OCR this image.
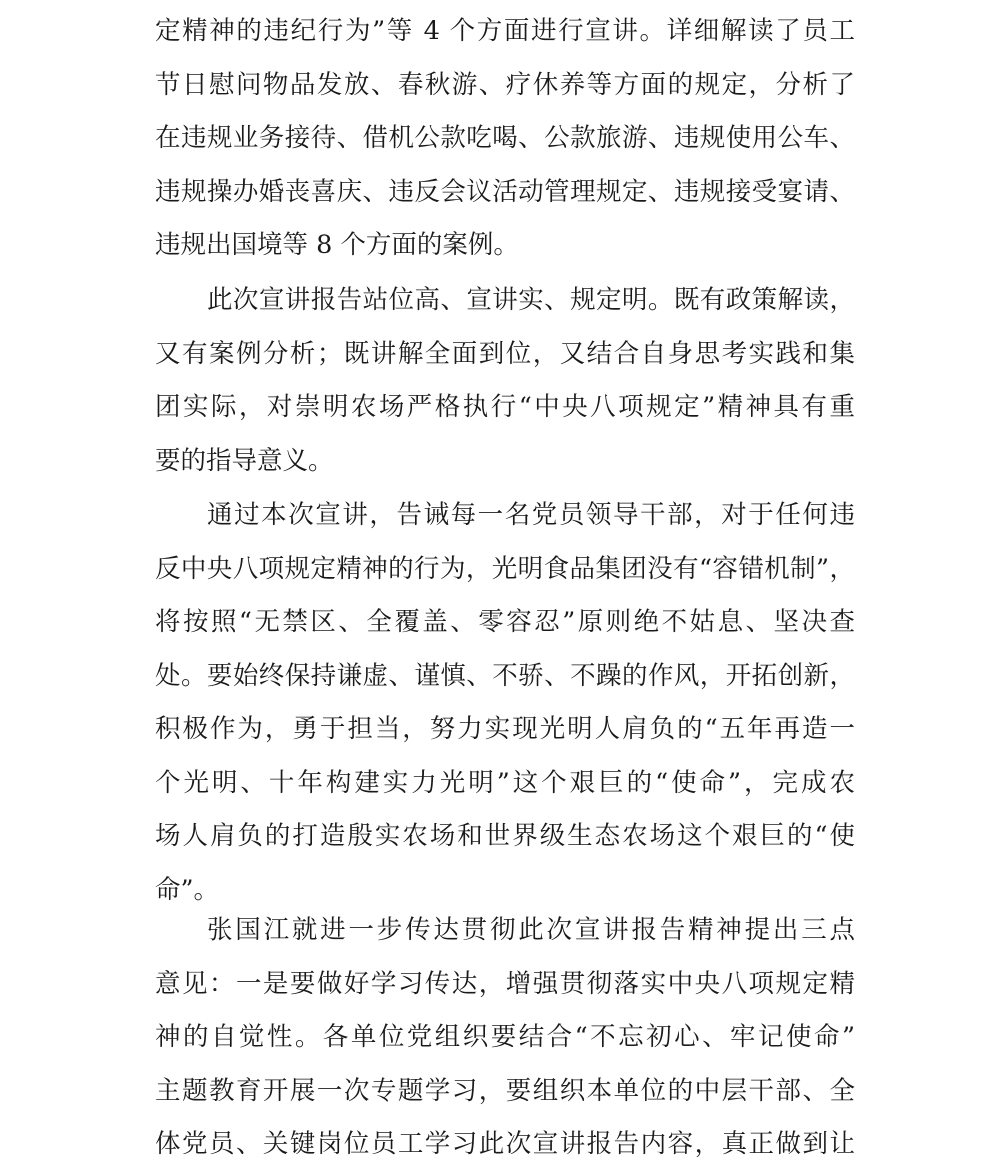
定精神的违纪行为”等 4 个方面进行宣讲。详细解读了员工
节日慰问物品发放、春秋游、疗休养等方面的规定，分析了
在违规业务接待、借机公款吃喝、公款旅游、违规使用公车、
违规操办婚丧喜庆、违反会议活动管理规定、违规接受宴请、
违规出国境等 8 个方面的案例。
此次宣讲报告站位高、宣讲实、规定明。既有政策解读，
又有案例分析；既讲解全面到位，又结合自身思考实践和集
团实际，对崇明农场严格执行“中央八项规定”精神具有重
要的指导意义。
通过本次宣讲，告诫每一名党员领导干部，对于任何违
反中央八项规定精神的行为，光明食品集团没有“容错机制”，
将按照“无禁区、全覆盖、零容忍”原则绝不姑息、坚决查
处。要始终保持谦虚、谨慎、不骄、不躁的作风，开拓创新，
积极作为，勇于担当，努力实现光明人肩负的“五年再造一
个光明、十年构建实力光明”这个艰巨的“使命”，完成农
场人肩负的打造殷实农场和世界级生态农场这个艰巨的“使
命”。
张国江就进一步传达贯彻此次宣讲报告精神提出三点
意见：一是要做好学习传达，增强贯彻落实中央八项规定精
神的自觉性。各单位党组织要结合“不忘初心、牢记使命”
主题教育开展一次专题学习，要组织本单位的中层干部、全
体党员、关键岗位员工学习此次宣讲报告内容，真正做到让
